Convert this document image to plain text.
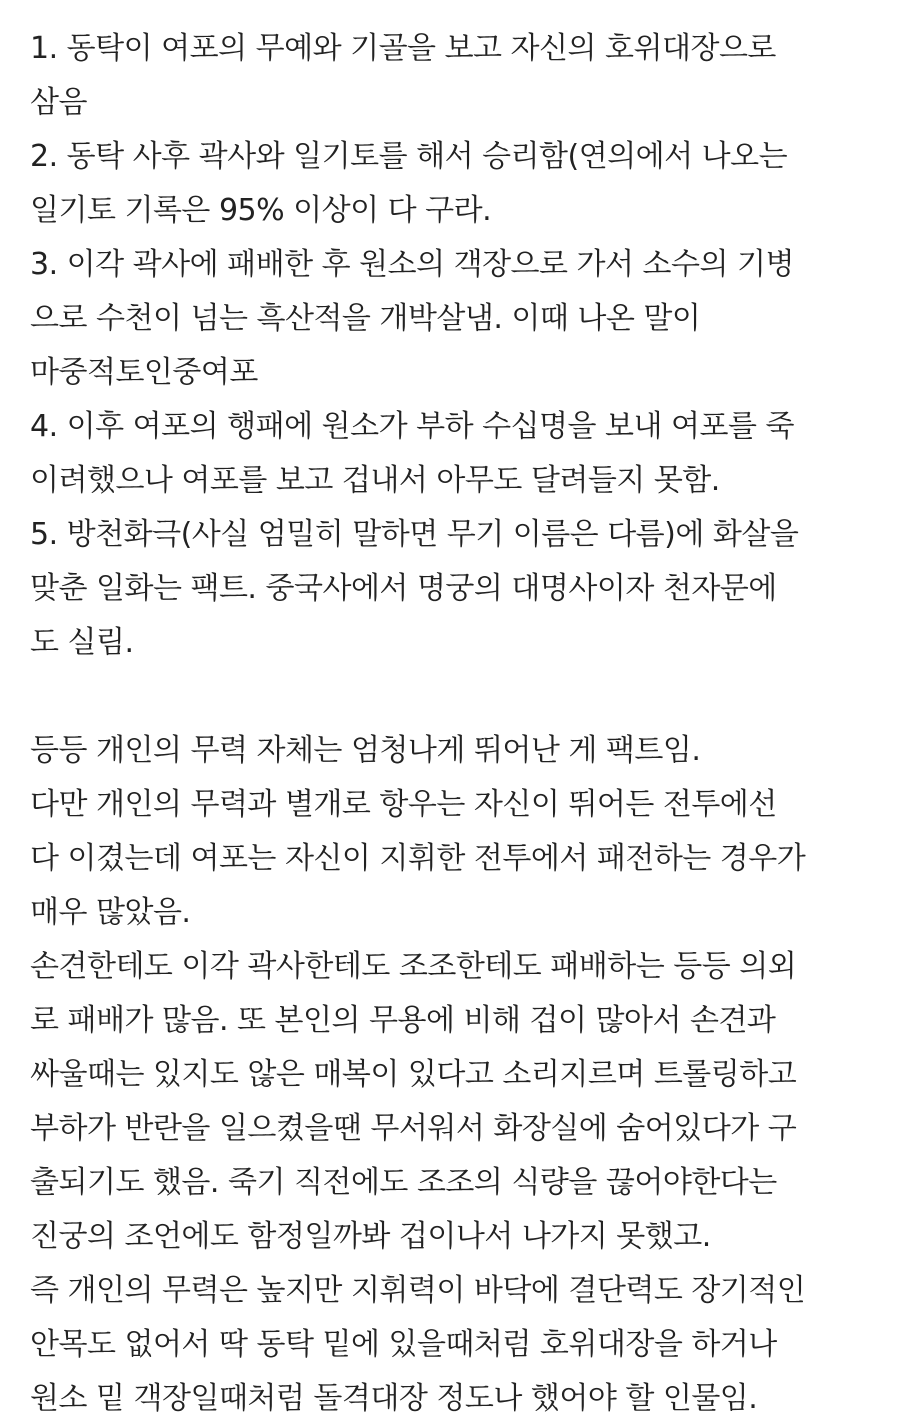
1. 동탁이 여포의 무예와 기골을 보고 자신의 호위대장으로
삼음
2. 동탁 사후 곽사와 일기토를 해서 승리함(연의에서 나오는
일기토 기록은 95% 이상이 다 구라.
3. 이각 곽사에 패배한 후 원소의 객장으로 가서 소수의 기병
으로 수천이 넘는 흑산적을 개박살냄. 이때 나온 말이
마중적토인중여포
4. 이후 여포의 행패에 원소가 부하 수십명을 보내 여포를 죽
이려했으나 여포를 보고 겁내서 아무도 달려들지 못함.
5. 방천화극(사실 엄밀히 말하면 무기 이름은 다름)에 화살을
맞춘 일화는 팩트. 중국사에서 명궁의 대명사이자 천자문에
도 실림.
등등 개인의 무력 자체는 엄청나게 뛰어난 게 팩트임.
다만 개인의 무력과 별개로 항우는 자신이 뛰어든 전투에선
다 이겼는데 여포는 자신이 지휘한 전투에서 패전하는 경우가
매우 많았음.
손견한테도 이각 곽사한테도 조조한테도 패배하는 등등 의외
로 패배가 많음. 또 본인의 무용에 비해 겁이 많아서 손견과
싸울때는 있지도 않은 매복이 있다고 소리지르며 트롤링하고
부하가 반란을 일으켰을땐 무서워서 화장실에 숨어있다가 구
출되기도 했음. 죽기 직전에도 조조의 식량을 끊어야한다는
진궁의 조언에도 함정일까봐 겁이나서 나가지 못했고.
즉 개인의 무력은 높지만 지휘력이 바닥에 결단력도 장기적인
안목도 없어서 딱 동탁 밑에 있을때처럼 호위대장을 하거나
원소 밑 객장일때처럼 돌격대장 정도나 했어야 할 인물임.
